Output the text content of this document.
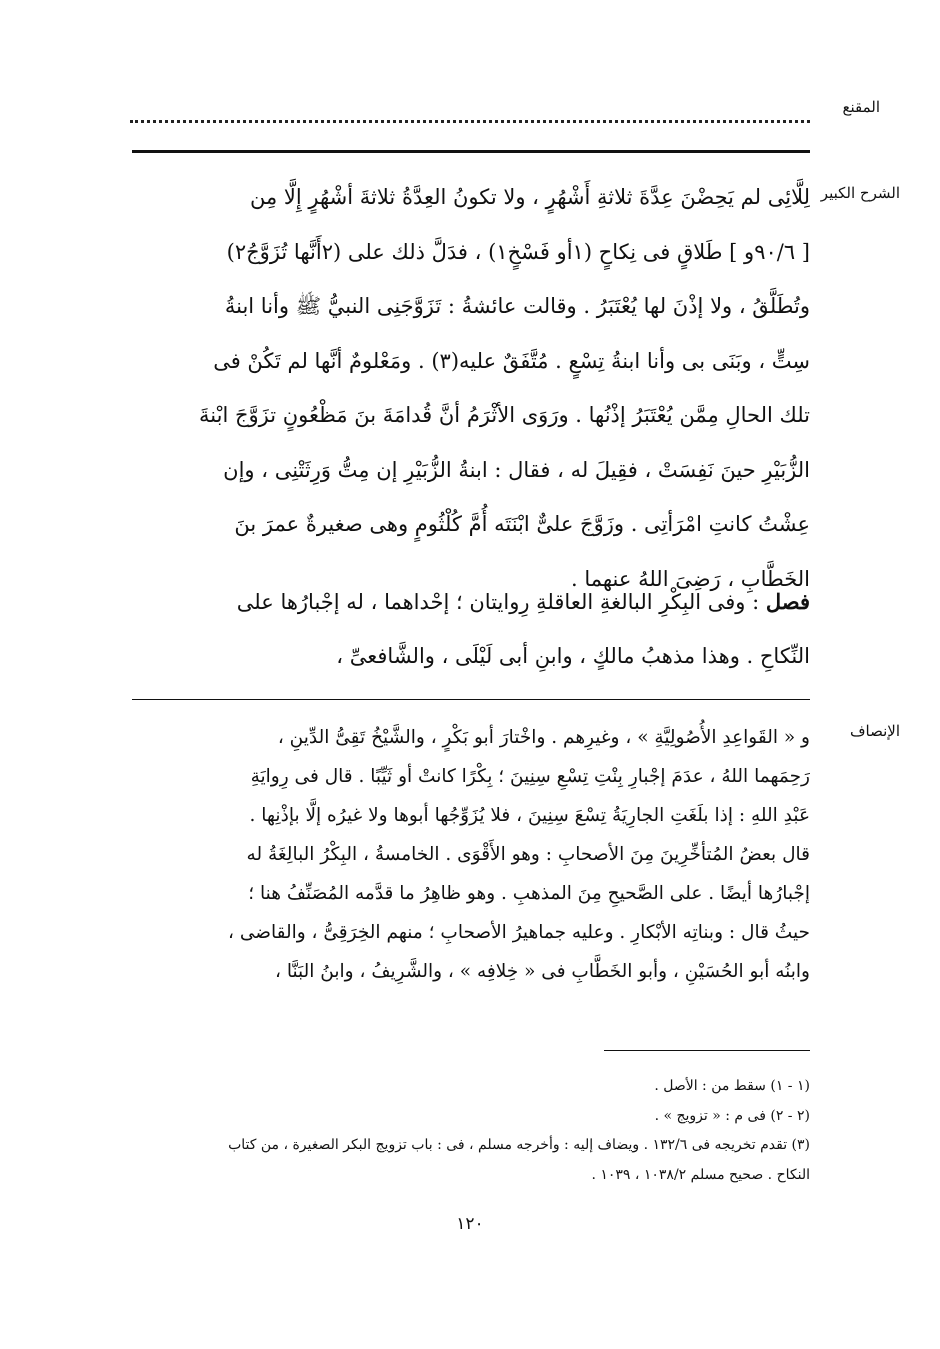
المقنع
الشرح الكبير
الإنصاف
لِلَّائِى لم يَحِضْنَ عِدَّةَ ثلاثةِ أَشْهُرٍ ، ولا تكونُ العِدَّةُ ثلاثةَ أشْهُرٍ إِلَّا مِن
[ ٩٠/٦و ] طَلاقٍ فى نِكاحٍ (١أو فَسْخٍ١) ، فدَلَّ ذلك على (٢أَنَّها تُزَوَّجُ٢)
وتُطَلَّقُ ، ولا إذْنَ لها يُعْتَبَرُ . وقالت عائشةُ : تَزَوَّجَنِى النبيُّ ﷺ وأنا ابنةُ
سِتٍّ ، وبَنَى بى وأنا ابنةُ تِسْعٍ . مُتَّفَقٌ عليه(٣) . ومَعْلومٌ أنَّها لم تَكُنْ فى
تلك الحالِ مِمَّن يُعْتَبَرُ إذْنُها . ورَوَى الأثْرَمُ أنَّ قُدامَةَ بنَ مَظْعُونٍ تزَوَّجَ ابْنةَ
الزُّبَيْرِ حينَ نَفِسَتْ ، فقِيلَ له ، فقال : ابنةُ الزُّبَيْرِ إن مِتُّ وَرِثَتْنِى ، وإن
عِشْتُ كانتِ امْرَأتِى . وزَوَّجَ علىٌّ ابْنَتَه أُمَّ كُلْثُومٍ وهى صغيرةٌ عمرَ بنَ
الخَطَّابِ ، رَضِىَ اللهُ عنهما .
فصل : وفى البِكْرِ البالغةِ العاقلةِ رِوايتان ؛ إحْداهما ، له إجْبارُها على
النِّكاحِ . وهذا مذهبُ مالكٍ ، وابنِ أبى لَيْلَى ، والشَّافعىِّ ،
و « القَواعِدِ الأُصُولِيَّةِ » ، وغيرِهم . واخْتارَ أبو بَكْرٍ ، والشَّيْخُ تَقِىُّ الدِّينِ ،
رَحِمَهما اللهُ ، عدَمَ إجْبارِ بِنْتِ تِسْعِ سِنِينَ ؛ بِكْرًا كانتْ أو ثَيِّبًا . قال فى رِوايَةِ
عَبْدِ اللهِ : إذا بلَغَتِ الجارِيَةُ تِسْعَ سِنِينَ ، فلا يُزَوِّجُها أبوها ولا غيرُه إلَّا بإذْنِها .
قال بعضُ المُتأخِّرِينَ مِنَ الأصحابِ : وهو الأَقْوَى . الخامسةُ ، البِكْرُ البالِغَةُ له
إجْبارُها أيضًا . على الصَّحيحِ مِنَ المذهبِ . وهو ظاهِرُ ما قدَّمه المُصَنِّفُ هنا ؛
حيثُ قال : وبناتِه الأبْكارِ . وعليه جماهيرُ الأصحابِ ؛ منهم الخِرَقِىُّ ، والقاضى ،
وابنُه أبو الحُسَيْنِ ، وأبو الخَطَّابِ فى « خِلافِه » ، والشَّرِيفُ ، وابنُ البَنَّا ،
(١ - ١) سقط من : الأصل .
(٢ - ٢) فى م : « تزويج » .
(٣) تقدم تخريجه فى ١٣٢/٦ . ويضاف إليه : وأخرجه مسلم ، فى : باب تزويج البكر الصغيرة ، من كتاب
النكاح . صحيح مسلم ١٠٣٨/٢ ، ١٠٣٩ .
١٢٠
